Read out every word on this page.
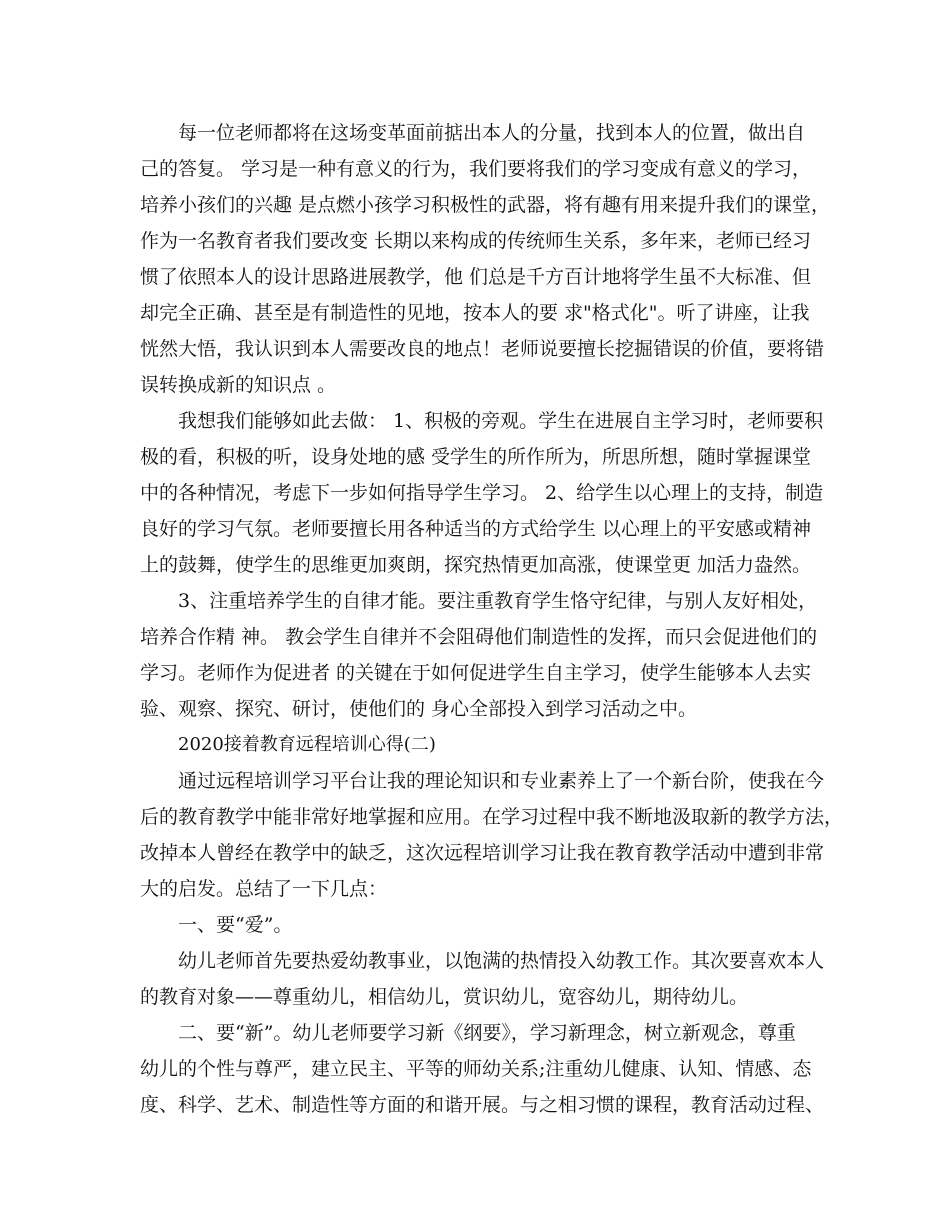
每一位老师都将在这场变革面前掂出本人的分量，找到本人的位置，做出自
己的答复。 学习是一种有意义的行为，我们要将我们的学习变成有意义的学习，
培养小孩们的兴趣 是点燃小孩学习积极性的武器，将有趣有用来提升我们的课堂，
作为一名教育者我们要改变 长期以来构成的传统师生关系，多年来，老师已经习
惯了依照本人的设计思路进展教学，他 们总是千方百计地将学生虽不大标准、但
却完全正确、甚至是有制造性的见地，按本人的要 求"格式化"。听了讲座，让我
恍然大悟，我认识到本人需要改良的地点！老师说要擅长挖掘错误的价值，要将错
误转换成新的知识点 。
我想我们能够如此去做： 1、积极的旁观。学生在进展自主学习时，老师要积
极的看，积极的听，设身处地的感 受学生的所作所为，所思所想，随时掌握课堂
中的各种情况，考虑下一步如何指导学生学习。 2、给学生以心理上的支持，制造
良好的学习气氛。老师要擅长用各种适当的方式给学生 以心理上的平安感或精神
上的鼓舞，使学生的思维更加爽朗，探究热情更加高涨，使课堂更 加活力盎然。
3、注重培养学生的自律才能。要注重教育学生恪守纪律，与别人友好相处，
培养合作精 神。 教会学生自律并不会阻碍他们制造性的发挥，而只会促进他们的
学习。老师作为促进者 的关键在于如何促进学生自主学习，使学生能够本人去实
验、观察、探究、研讨，使他们的 身心全部投入到学习活动之中。
2020接着教育远程培训心得(二)
通过远程培训学习平台让我的理论知识和专业素养上了一个新台阶，使我在今
后的教育教学中能非常好地掌握和应用。在学习过程中我不断地汲取新的教学方法，
改掉本人曾经在教学中的缺乏，这次远程培训学习让我在教育教学活动中遭到非常
大的启发。总结了一下几点：
一、要“爱”。
幼儿老师首先要热爱幼教事业，以饱满的热情投入幼教工作。其次要喜欢本人
的教育对象——尊重幼儿，相信幼儿，赏识幼儿，宽容幼儿，期待幼儿。
二、要“新”。幼儿老师要学习新《纲要》，学习新理念，树立新观念，尊重
幼儿的个性与尊严，建立民主、平等的师幼关系;注重幼儿健康、认知、情感、态
度、科学、艺术、制造性等方面的和谐开展。与之相习惯的课程，教育活动过程、
